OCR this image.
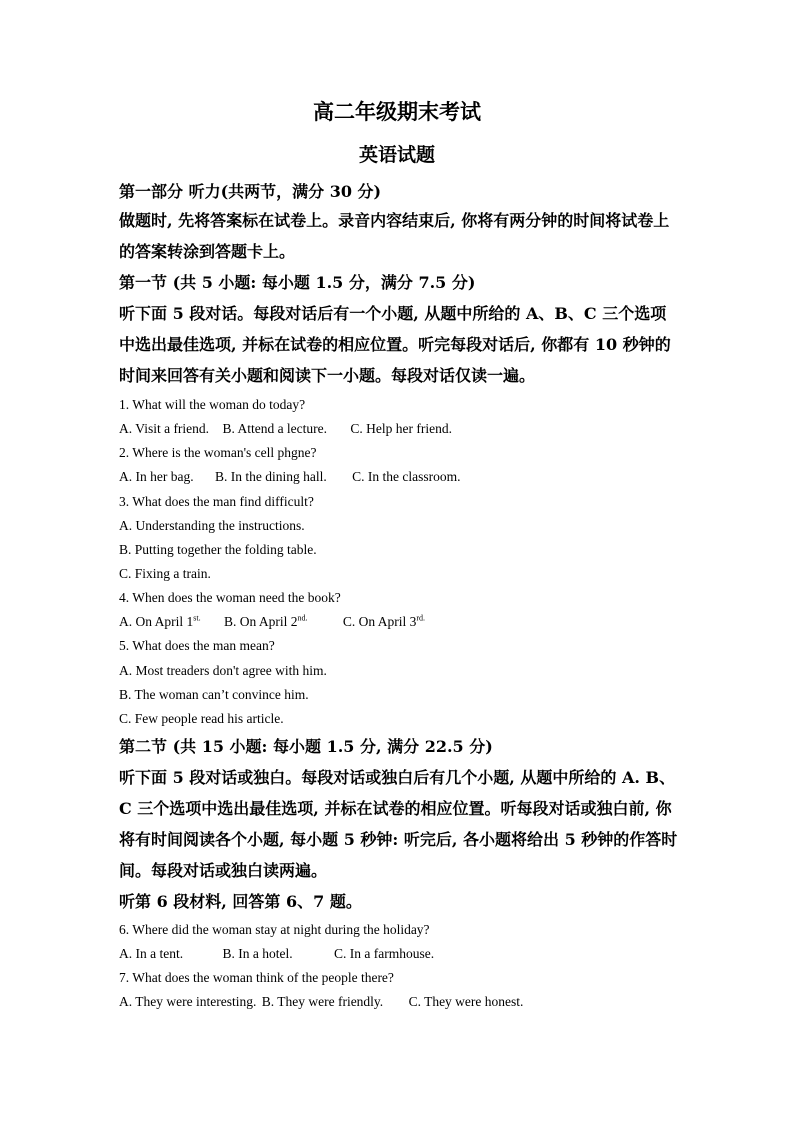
高二年级期末考试
英语试题

第一部分 听力(共两节，满分 30 分)

做题时, 先将答案标在试卷上。录音内容结束后, 你将有两分钟的时间将试卷上的答案转涂到答题卡上。

第一节 (共 5 小题: 每小题 1.5 分，满分 7.5 分)

听下面 5 段对话。每段对话后有一个小题, 从题中所给的 A、B、C 三个选项中选出最佳选项, 并标在试卷的相应位置。听完每段对话后, 你都有 10 秒钟的时间来回答有关小题和阅读下一小题。每段对话仅读一遍。

1. What will the woman do today?
A. Visit a friend. B. Attend a lecture. C. Help her friend.
2. Where is the woman's cell phgne?
A. In her bag. B. In the dining hall. C. In the classroom.
3. What does the man find difficult?
A. Understanding the instructions.
B. Putting together the folding table.
C. Fixing a train.
4. When does the woman need the book?
A. On April $1^{st.}$ B. On April $2^{nd.}$	C. On April $3^{rd.}$
5. What does the man mean?
A. Most treaders don't agree with him.
B. The woman can’t convince him.
C. Few people read his article.

第二节 (共 15 小题: 每小题 1.5 分, 满分 22.5 分)

听下面 5 段对话或独白。每段对话或独白后有几个小题, 从题中所给的 A. B、C 三个选项中选出最佳选项, 并标在试卷的相应位置。听每段对话或独白前, 你将有时间阅读各个小题, 每小题 5 秒钟: 听完后, 各小题将给出 5 秒钟的作答时间。每段对话或独白读两遍。

听第 6 段材料, 回答第 6、7 题。

6. Where did the woman stay at night during the holiday?
A. In a tent.	B. In a hotel.	C. In a farmhouse.
7. What does the woman think of the people there?
A. They were interesting. B. They were friendly. C. They were honest.
